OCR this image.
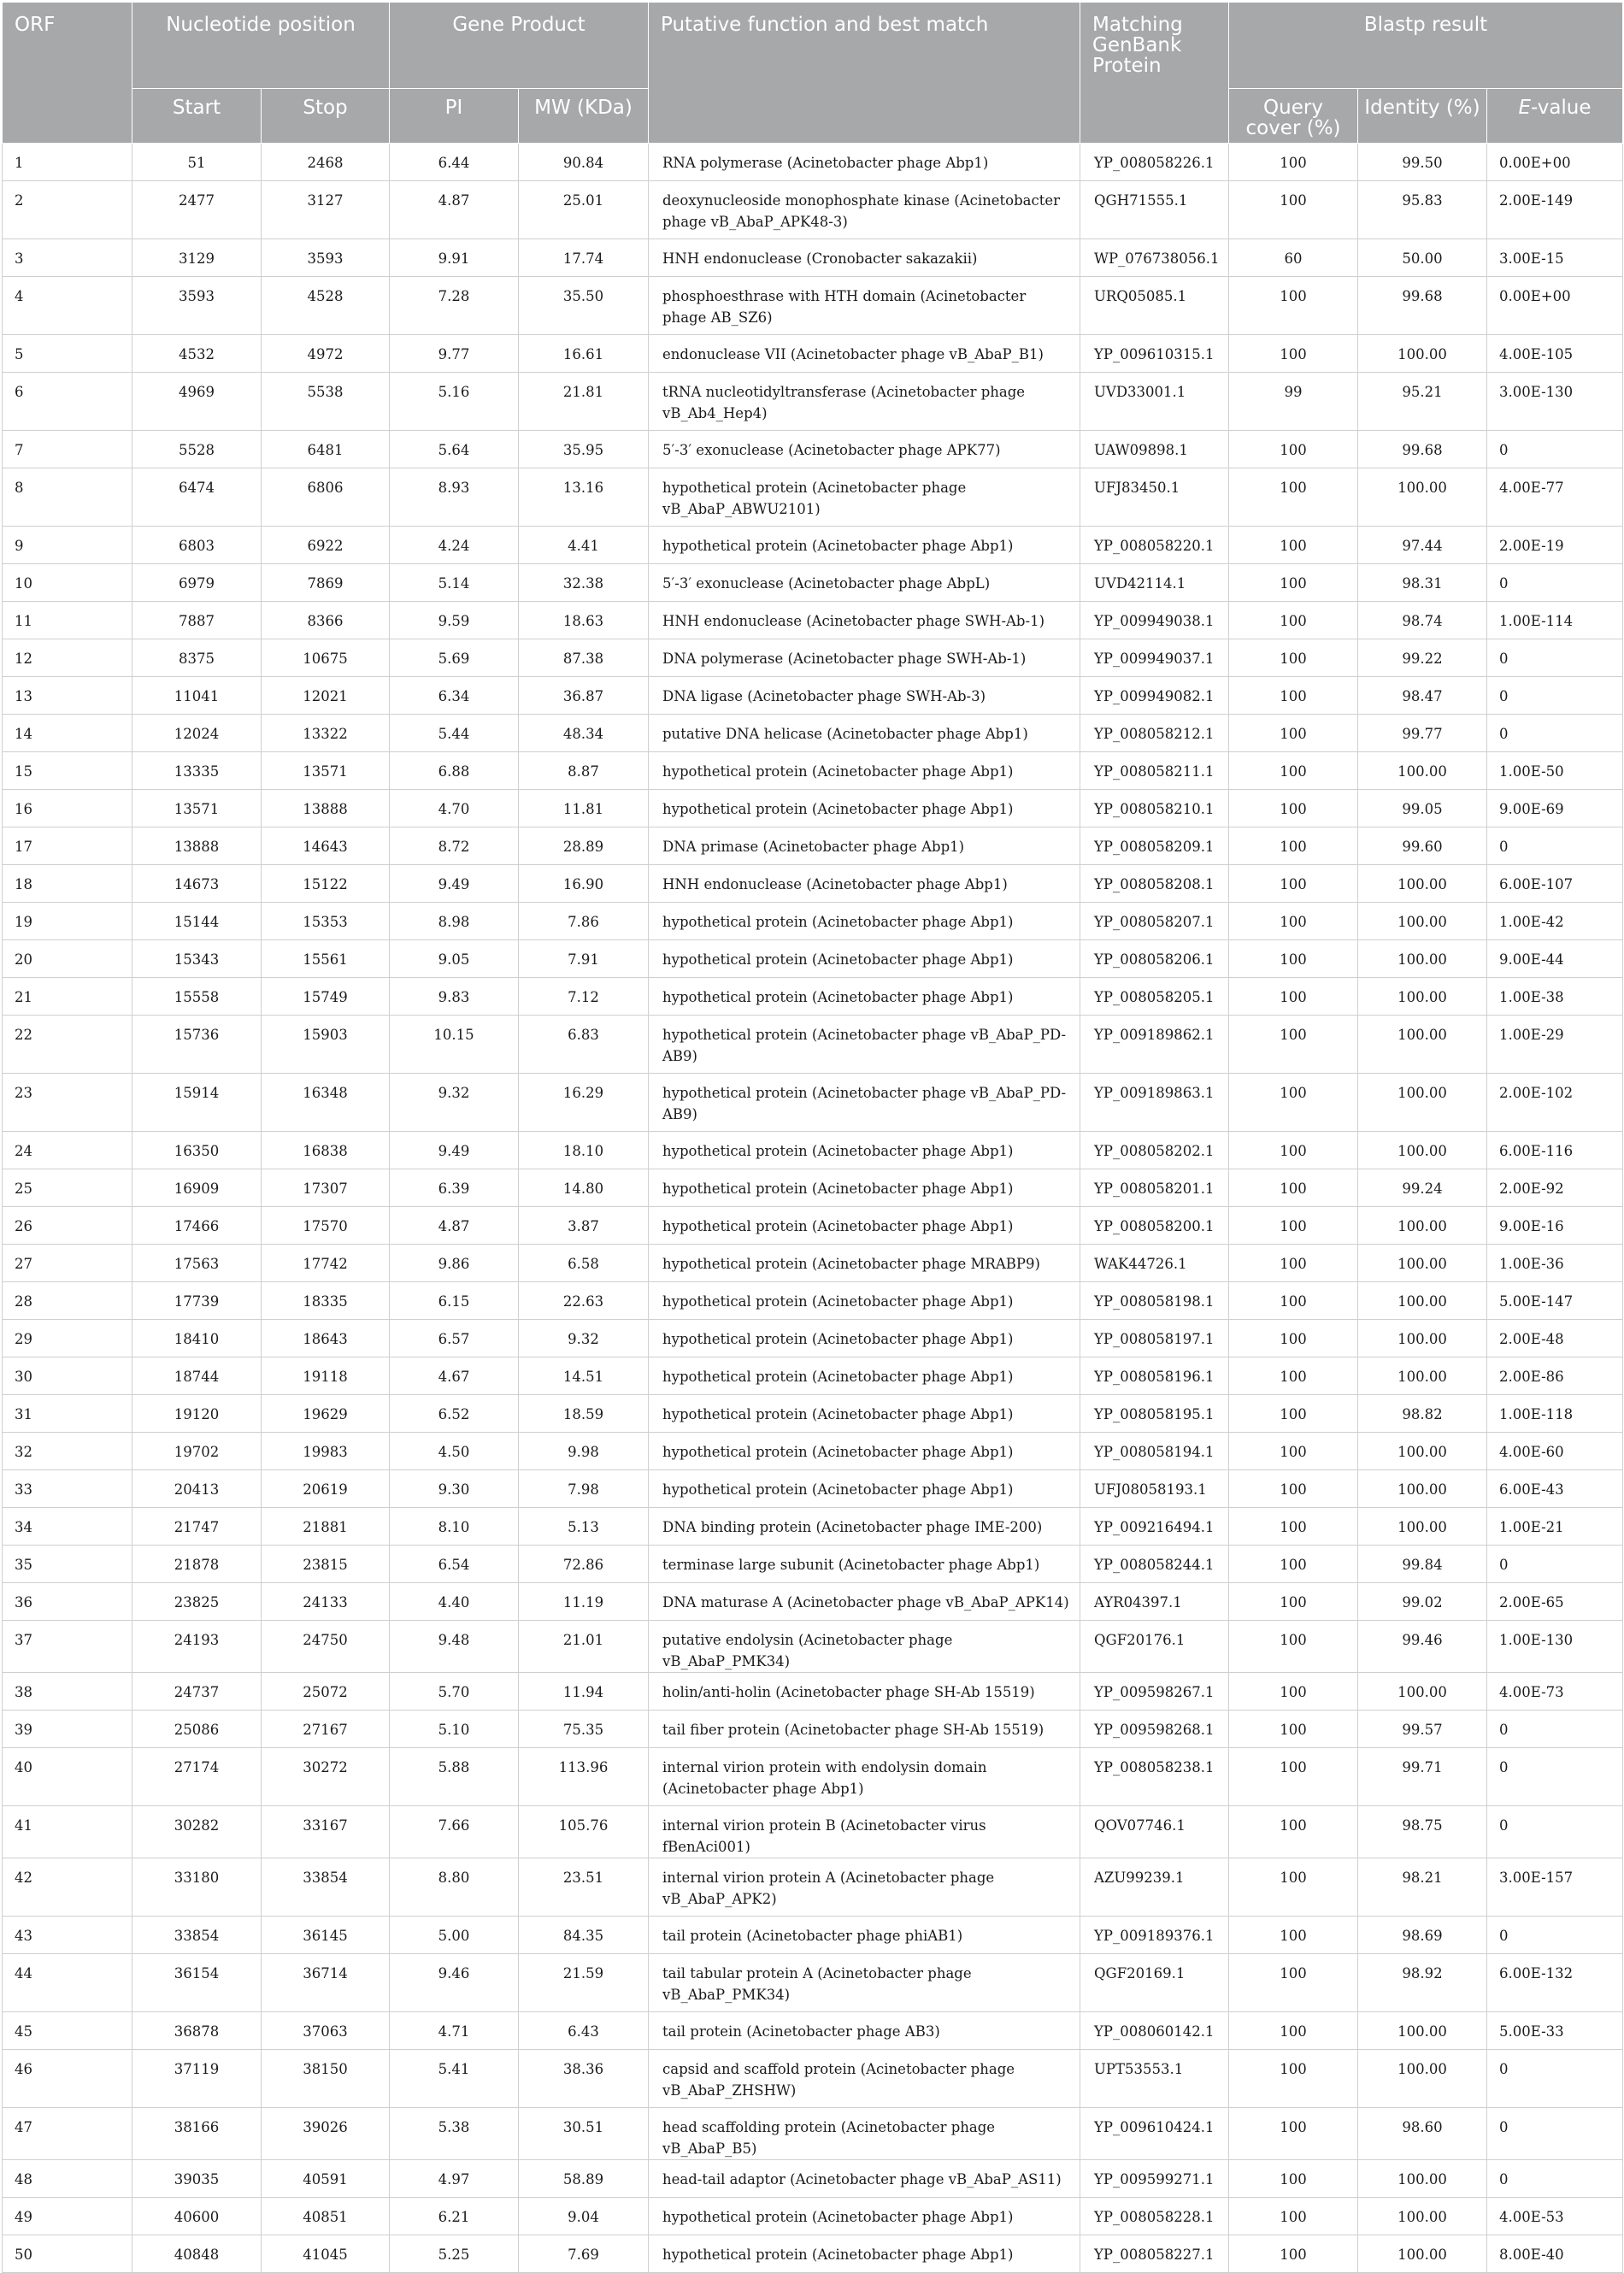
ORF	Nucleotide position		Gene Product		Putative function and best match	Matching GenBank Protein	Blastp result		
	Start	Stop	PI	MW (KDa)			Query cover (%)	Identity (%)	E-value
1	51	2468	6.44	90.84	RNA polymerase (Acinetobacter phage Abp1)	YP_008058226.1	100	99.50	0.00E+00
2	2477	3127	4.87	25.01	deoxynucleoside monophosphate kinase (Acinetobacter phage vB_AbaP_APK48-3)	QGH71555.1	100	95.83	2.00E-149
3	3129	3593	9.91	17.74	HNH endonuclease (Cronobacter sakazakii)	WP_076738056.1	60	50.00	3.00E-15
4	3593	4528	7.28	35.50	phosphoesthrase with HTH domain (Acinetobacter phage AB_SZ6)	URQ05085.1	100	99.68	0.00E+00
5	4532	4972	9.77	16.61	endonuclease VII (Acinetobacter phage vB_AbaP_B1)	YP_009610315.1	100	100.00	4.00E-105
6	4969	5538	5.16	21.81	tRNA nucleotidyltransferase (Acinetobacter phage vB_Ab4_Hep4)	UVD33001.1	99	95.21	3.00E-130
7	5528	6481	5.64	35.95	5′-3′ exonuclease (Acinetobacter phage APK77)	UAW09898.1	100	99.68	0
8	6474	6806	8.93	13.16	hypothetical protein (Acinetobacter phage vB_AbaP_ABWU2101)	UFJ83450.1	100	100.00	4.00E-77
9	6803	6922	4.24	4.41	hypothetical protein (Acinetobacter phage Abp1)	YP_008058220.1	100	97.44	2.00E-19
10	6979	7869	5.14	32.38	5′-3′ exonuclease (Acinetobacter phage AbpL)	UVD42114.1	100	98.31	0
11	7887	8366	9.59	18.63	HNH endonuclease (Acinetobacter phage SWH-Ab-1)	YP_009949038.1	100	98.74	1.00E-114
12	8375	10675	5.69	87.38	DNA polymerase (Acinetobacter phage SWH-Ab-1)	YP_009949037.1	100	99.22	0
13	11041	12021	6.34	36.87	DNA ligase (Acinetobacter phage SWH-Ab-3)	YP_009949082.1	100	98.47	0
14	12024	13322	5.44	48.34	putative DNA helicase (Acinetobacter phage Abp1)	YP_008058212.1	100	99.77	0
15	13335	13571	6.88	8.87	hypothetical protein (Acinetobacter phage Abp1)	YP_008058211.1	100	100.00	1.00E-50
16	13571	13888	4.70	11.81	hypothetical protein (Acinetobacter phage Abp1)	YP_008058210.1	100	99.05	9.00E-69
17	13888	14643	8.72	28.89	DNA primase (Acinetobacter phage Abp1)	YP_008058209.1	100	99.60	0
18	14673	15122	9.49	16.90	HNH endonuclease (Acinetobacter phage Abp1)	YP_008058208.1	100	100.00	6.00E-107
19	15144	15353	8.98	7.86	hypothetical protein (Acinetobacter phage Abp1)	YP_008058207.1	100	100.00	1.00E-42
20	15343	15561	9.05	7.91	hypothetical protein (Acinetobacter phage Abp1)	YP_008058206.1	100	100.00	9.00E-44
21	15558	15749	9.83	7.12	hypothetical protein (Acinetobacter phage Abp1)	YP_008058205.1	100	100.00	1.00E-38
22	15736	15903	10.15	6.83	hypothetical protein (Acinetobacter phage vB_AbaP_PD-AB9)	YP_009189862.1	100	100.00	1.00E-29
23	15914	16348	9.32	16.29	hypothetical protein (Acinetobacter phage vB_AbaP_PD-AB9)	YP_009189863.1	100	100.00	2.00E-102
24	16350	16838	9.49	18.10	hypothetical protein (Acinetobacter phage Abp1)	YP_008058202.1	100	100.00	6.00E-116
25	16909	17307	6.39	14.80	hypothetical protein (Acinetobacter phage Abp1)	YP_008058201.1	100	99.24	2.00E-92
26	17466	17570	4.87	3.87	hypothetical protein (Acinetobacter phage Abp1)	YP_008058200.1	100	100.00	9.00E-16
27	17563	17742	9.86	6.58	hypothetical protein (Acinetobacter phage MRABP9)	WAK44726.1	100	100.00	1.00E-36
28	17739	18335	6.15	22.63	hypothetical protein (Acinetobacter phage Abp1)	YP_008058198.1	100	100.00	5.00E-147
29	18410	18643	6.57	9.32	hypothetical protein (Acinetobacter phage Abp1)	YP_008058197.1	100	100.00	2.00E-48
30	18744	19118	4.67	14.51	hypothetical protein (Acinetobacter phage Abp1)	YP_008058196.1	100	100.00	2.00E-86
31	19120	19629	6.52	18.59	hypothetical protein (Acinetobacter phage Abp1)	YP_008058195.1	100	98.82	1.00E-118
32	19702	19983	4.50	9.98	hypothetical protein (Acinetobacter phage Abp1)	YP_008058194.1	100	100.00	4.00E-60
33	20413	20619	9.30	7.98	hypothetical protein (Acinetobacter phage Abp1)	UFJ08058193.1	100	100.00	6.00E-43
34	21747	21881	8.10	5.13	DNA binding protein (Acinetobacter phage IME-200)	YP_009216494.1	100	100.00	1.00E-21
35	21878	23815	6.54	72.86	terminase large subunit (Acinetobacter phage Abp1)	YP_008058244.1	100	99.84	0
36	23825	24133	4.40	11.19	DNA maturase A (Acinetobacter phage vB_AbaP_APK14)	AYR04397.1	100	99.02	2.00E-65
37	24193	24750	9.48	21.01	putative endolysin (Acinetobacter phage vB_AbaP_PMK34)	QGF20176.1	100	99.46	1.00E-130
38	24737	25072	5.70	11.94	holin/anti-holin (Acinetobacter phage SH-Ab 15519)	YP_009598267.1	100	100.00	4.00E-73
39	25086	27167	5.10	75.35	tail fiber protein (Acinetobacter phage SH-Ab 15519)	YP_009598268.1	100	99.57	0
40	27174	30272	5.88	113.96	internal virion protein with endolysin domain (Acinetobacter phage Abp1)	YP_008058238.1	100	99.71	0
41	30282	33167	7.66	105.76	internal virion protein B (Acinetobacter virus fBenAci001)	QOV07746.1	100	98.75	0
42	33180	33854	8.80	23.51	internal virion protein A (Acinetobacter phage vB_AbaP_APK2)	AZU99239.1	100	98.21	3.00E-157
43	33854	36145	5.00	84.35	tail protein (Acinetobacter phage phiAB1)	YP_009189376.1	100	98.69	0
44	36154	36714	9.46	21.59	tail tabular protein A (Acinetobacter phage vB_AbaP_PMK34)	QGF20169.1	100	98.92	6.00E-132
45	36878	37063	4.71	6.43	tail protein (Acinetobacter phage AB3)	YP_008060142.1	100	100.00	5.00E-33
46	37119	38150	5.41	38.36	capsid and scaffold protein (Acinetobacter phage vB_AbaP_ZHSHW)	UPT53553.1	100	100.00	0
47	38166	39026	5.38	30.51	head scaffolding protein (Acinetobacter phage vB_AbaP_B5)	YP_009610424.1	100	98.60	0
48	39035	40591	4.97	58.89	head-tail adaptor (Acinetobacter phage vB_AbaP_AS11)	YP_009599271.1	100	100.00	0
49	40600	40851	6.21	9.04	hypothetical protein (Acinetobacter phage Abp1)	YP_008058228.1	100	100.00	4.00E-53
50	40848	41045	5.25	7.69	hypothetical protein (Acinetobacter phage Abp1)	YP_008058227.1	100	100.00	8.00E-40
